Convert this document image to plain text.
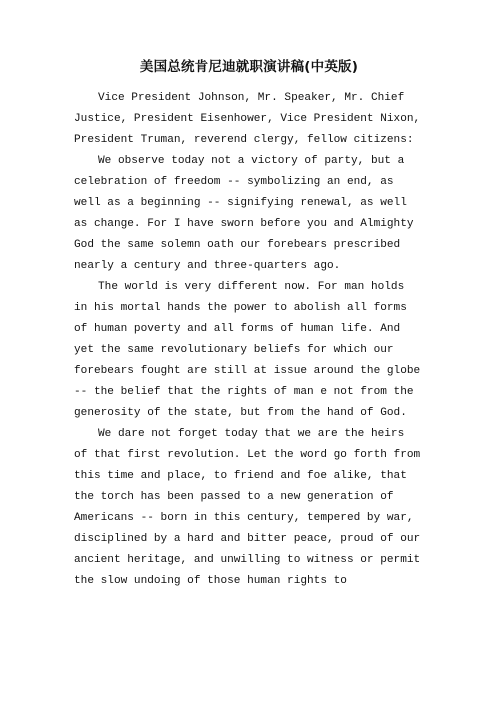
美国总统肯尼迪就职演讲稿(中英版)

Vice President Johnson, Mr. Speaker, Mr. Chief Justice, President Eisenhower, Vice President Nixon, President Truman, reverend clergy, fellow citizens:

We observe today not a victory of party, but a celebration of freedom -- symbolizing an end, as well as a beginning -- signifying renewal, as well as change. For I have sworn before you and Almighty God the same solemn oath our forebears prescribed nearly a century and three-quarters ago.

The world is very different now. For man holds in his mortal hands the power to abolish all forms of human poverty and all forms of human life. And yet the same revolutionary beliefs for which our forebears fought are still at issue around the globe -- the belief that the rights of man e not from the generosity of the state, but from the hand of God.

We dare not forget today that we are the heirs of that first revolution. Let the word go forth from this time and place, to friend and foe alike, that the torch has been passed to a new generation of Americans -- born in this century, tempered by war, disciplined by a hard and bitter peace, proud of our ancient heritage, and unwilling to witness or permit the slow undoing of those human rights to
